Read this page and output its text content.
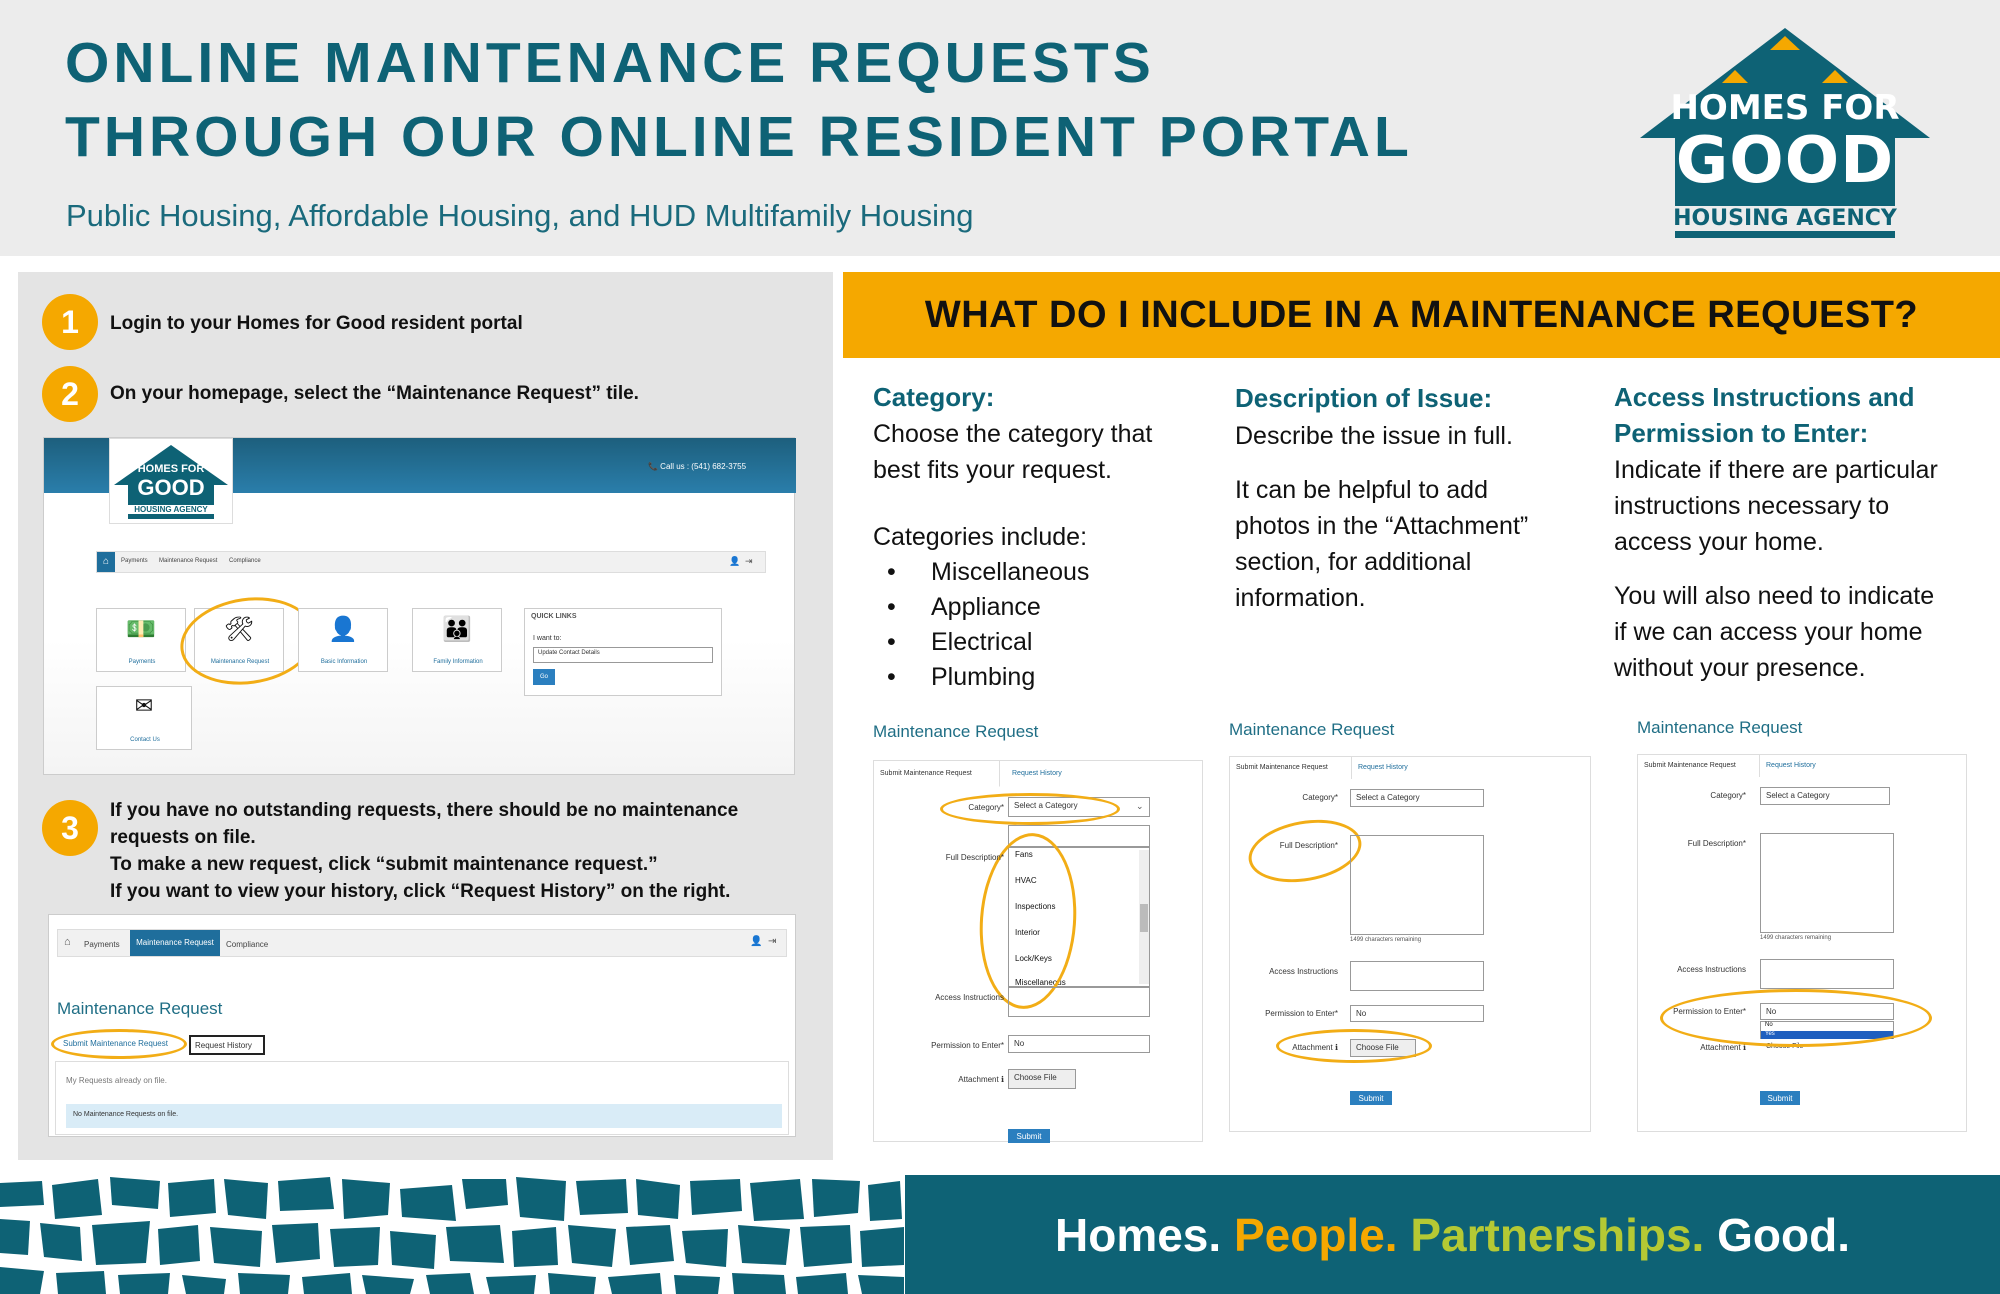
ONLINE MAINTENANCE REQUESTS
THROUGH OUR ONLINE RESIDENT PORTAL
Public Housing, Affordable Housing, and HUD Multifamily Housing
HOMES FOR
GOOD
HOUSING AGENCY
1	Login to your Homes for Good resident portal
2	On your homepage, select the “Maintenance Request” tile.
📞 Call us : (541) 682-3755
HOMES FOR
GOOD
HOUSING AGENCY
⌂	Payments Maintenance Request Compliance	👤 ⇥
💵
Payments
🛠
Maintenance Request
👤
Basic Information
👪
Family Information
✉
Contact Us
QUICK LINKS
I want to:
Update Contact Details
Go
3	If you have no outstanding requests, there should be no maintenance
requests on file.
To make a new request, click “submit maintenance request.”
If you want to view your history, click “Request History” on the right.
⌂ Payments	Maintenance Request	Compliance	👤 ⇥
Maintenance Request
Submit Maintenance Request	Request History
My Requests already on file.
No Maintenance Requests on file.
WHAT DO I INCLUDE IN A MAINTENANCE REQUEST?
Category:
Choose the category that
best fits your request.
Categories include:
• Miscellaneous
• Appliance
• Electrical
• Plumbing
Description of Issue:
Describe the issue in full.
It can be helpful to add
photos in the “Attachment”
section, for additional
information.
Access Instructions and
Permission to Enter:
Indicate if there are particular
instructions necessary to
access your home.
You will also need to indicate
if we can access your home
without your presence.
Maintenance Request
Submit Maintenance Request	Request History
Category*	Select a Category	⌄
Fans
HVAC
Inspections
Interior
Lock/Keys
Miscellaneous
Full Description*
Access Instructions
Permission to Enter*	No
Attachment ℹ	Choose File
Submit
Maintenance Request
Submit Maintenance Request	Request History
Category*	Select a Category
Full Description*
1499 characters remaining
Access Instructions
Permission to Enter*	No
Attachment ℹ	Choose File
Submit
Maintenance Request
Submit Maintenance Request	Request History
Category*	Select a Category
Full Description*
1499 characters remaining
Access Instructions
Permission to Enter*	No
No
Yes
Attachment ℹ	Choose File
Submit
Homes. People. Partnerships. Good.
